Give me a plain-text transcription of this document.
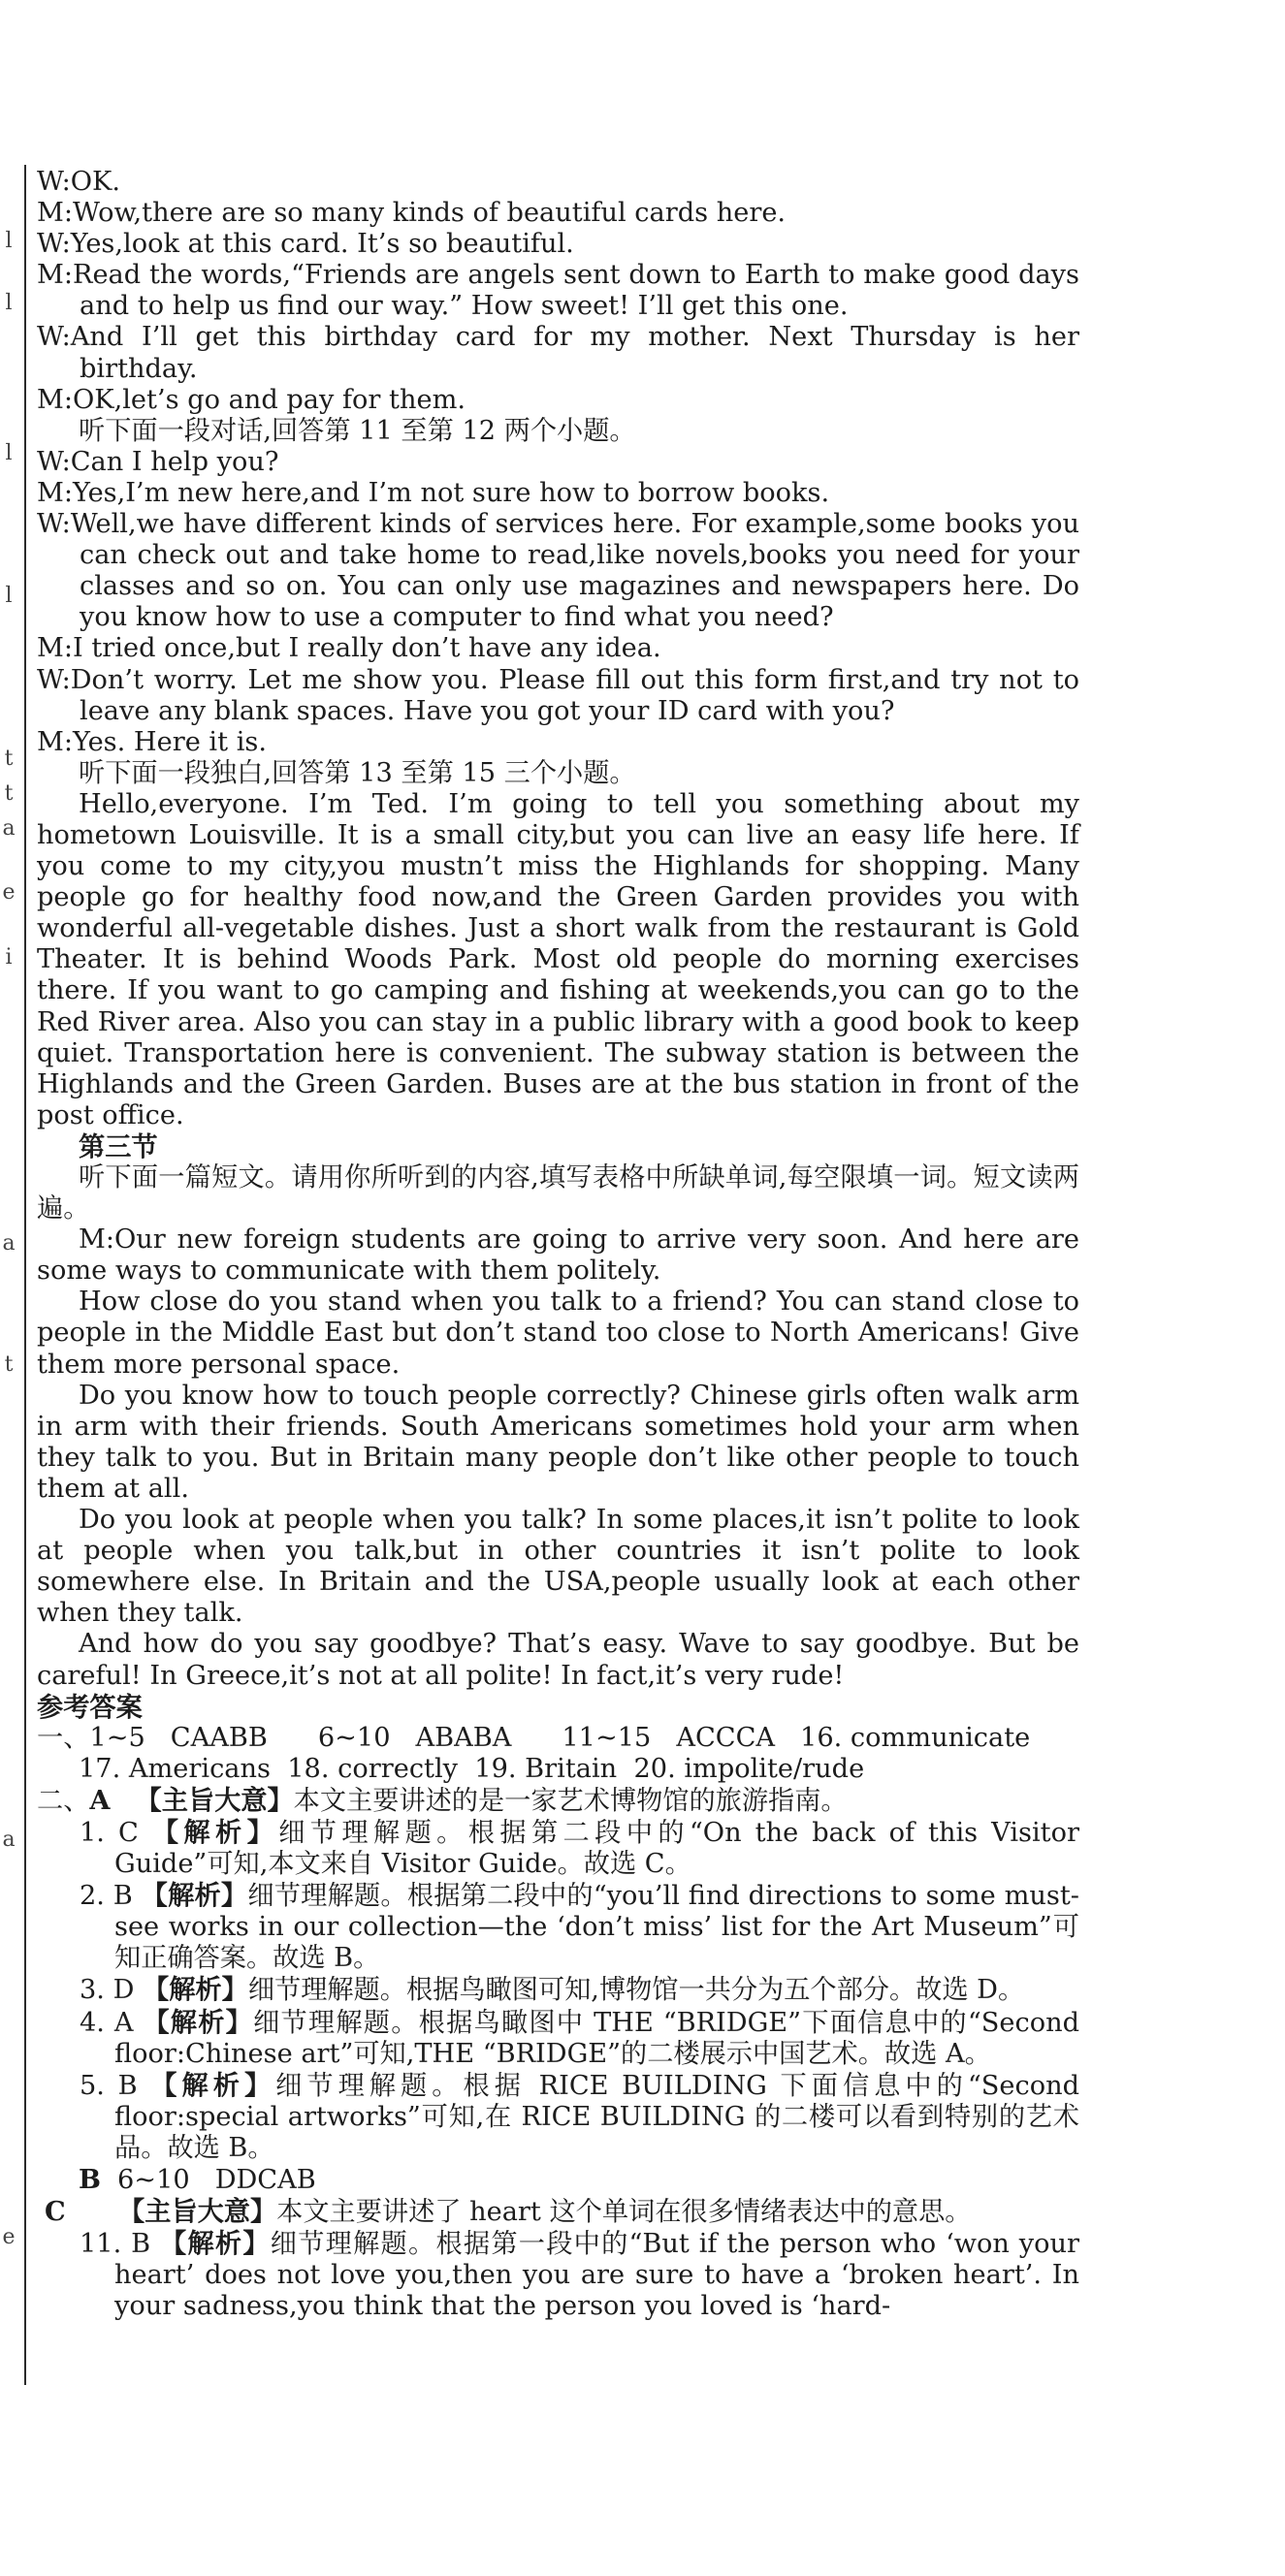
l
l
l
l
t
t
a
e
i
a
t
a
e

W:OK.

M:Wow,there are so many kinds of beautiful cards here.

W:Yes,look at this card. It’s so beautiful.

M:Read the words,“Friends are angels sent down to Earth to make good days and to help us find our way.” How sweet! I’ll get this one.

W:And I’ll get this birthday card for my mother. Next Thursday is her birthday.

M:OK,let’s go and pay for them.

听下面一段对话,回答第 11 至第 12 两个小题。

W:Can I help you?

M:Yes,I’m new here,and I’m not sure how to borrow books.

W:Well,we have different kinds of services here. For example,some books you can check out and take home to read,like novels,books you need for your classes and so on. You can only use magazines and newspapers here. Do you know how to use a computer to find what you need?

M:I tried once,but I really don’t have any idea.

W:Don’t worry. Let me show you. Please fill out this form first,and try not to leave any blank spaces. Have you got your ID card with you?

M:Yes. Here it is.

听下面一段独白,回答第 13 至第 15 三个小题。

Hello,everyone. I’m Ted. I’m going to tell you something about my hometown Louisville. It is a small city,but you can live an easy life here. If you come to my city,you mustn’t miss the Highlands for shopping. Many people go for healthy food now,and the Green Garden provides you with wonderful all-vegetable dishes. Just a short walk from the restaurant is Gold Theater. It is behind Woods Park. Most old people do morning exercises there. If you want to go camping and fishing at weekends,you can go to the Red River area. Also you can stay in a public library with a good book to keep quiet. Transportation here is convenient. The subway station is between the Highlands and the Green Garden. Buses are at the bus station in front of the post office.

第三节

听下面一篇短文。请用你所听到的内容,填写表格中所缺单词,每空限填一词。短文读两遍。

M:Our new foreign students are going to arrive very soon. And here are some ways to communicate with them politely.

How close do you stand when you talk to a friend? You can stand close to people in the Middle East but don’t stand too close to North Americans! Give them more personal space.

Do you know how to touch people correctly? Chinese girls often walk arm in arm with their friends. South Americans sometimes hold your arm when they talk to you. But in Britain many people don’t like other people to touch them at all.

Do you look at people when you talk? In some places,it isn’t polite to look at people when you talk,but in other countries it isn’t polite to look somewhere else. In Britain and the USA,people usually look at each other when they talk.

And how do you say goodbye? That’s easy. Wave to say goodbye. But be careful! In Greece,it’s not at all polite! In fact,it’s very rude!

参考答案

一、1~5 CAABB 6~10 ABABA 11~15 ACCCA 16. communicate

17. Americans  18. correctly  19. Britain  20. impolite/rude

二、A 【主旨大意】本文主要讲述的是一家艺术博物馆的旅游指南。

1. C 【解析】细节理解题。根据第二段中的“On the back of this Visitor Guide”可知,本文来自 Visitor Guide。故选 C。

2. B 【解析】细节理解题。根据第二段中的“you’ll find directions to some must-see works in our collection—the ‘don’t miss’ list for the Art Museum”可知正确答案。故选 B。

3. D 【解析】细节理解题。根据鸟瞰图可知,博物馆一共分为五个部分。故选 D。

4. A 【解析】细节理解题。根据鸟瞰图中 THE “BRIDGE”下面信息中的“Second floor:Chinese art”可知,THE “BRIDGE”的二楼展示中国艺术。故选 A。

5. B 【解析】细节理解题。根据 RICE BUILDING 下面信息中的“Second floor:special artworks”可知,在 RICE BUILDING 的二楼可以看到特别的艺术品。故选 B。

B 6~10 DDCAB

C 【主旨大意】本文主要讲述了 heart 这个单词在很多情绪表达中的意思。

11. B 【解析】细节理解题。根据第一段中的“But if the person who ‘won your heart’ does not love you,then you are sure to have a ‘broken heart’. In your sadness,you think that the person you loved is ‘hard-
